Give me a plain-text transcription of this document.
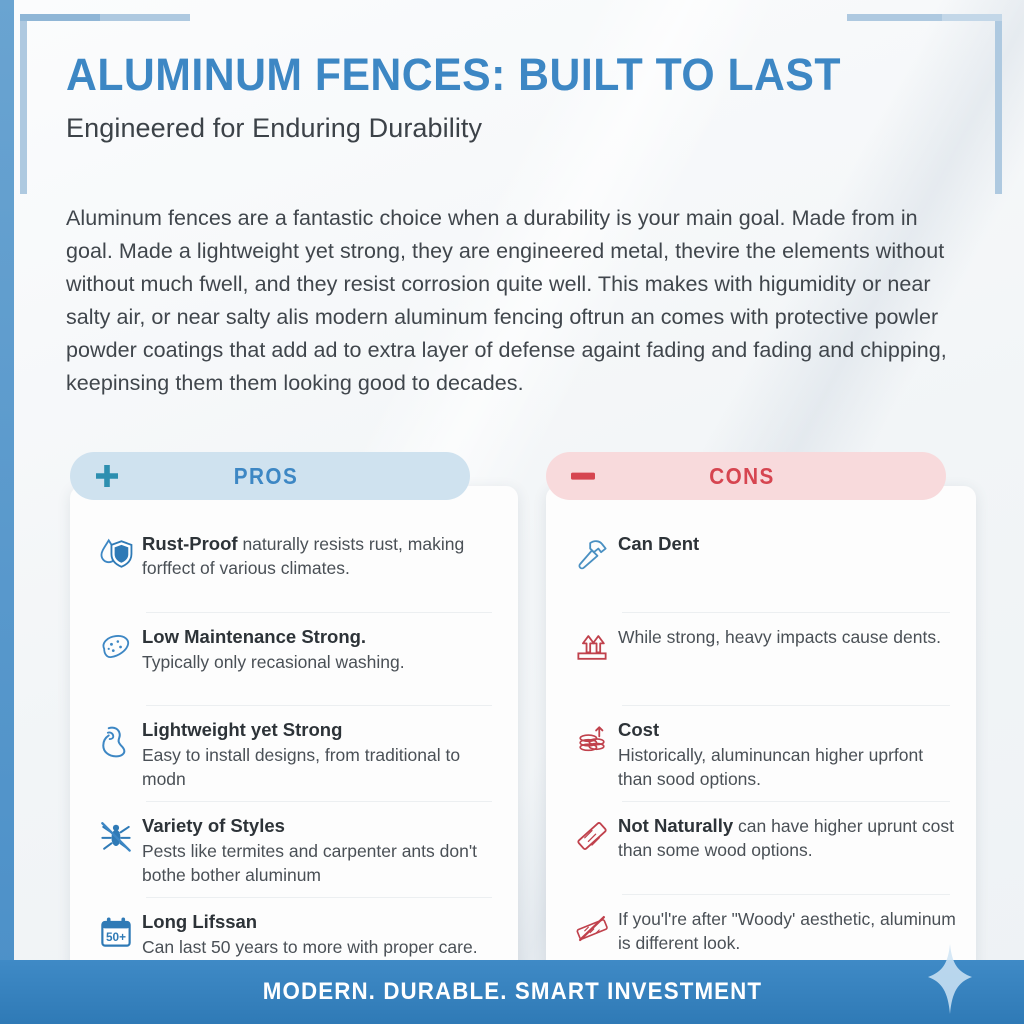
ALUMINUM FENCES: BUILT TO LAST
Engineered for Enduring Durability
Aluminum fences are a fantastic choice when a durability is your main goal. Made from in goal. Made a lightweight yet strong, they are engineered metal, thevire the elements without without much fwell, and they resist corrosion quite well. This makes with higumidity or near salty air, or near salty alis modern aluminum fencing oftrun an comes with protective powler powder coatings that add ad to extra layer of defense againt fading and fading and chipping, keepinsing them them looking good to decades.
PROS
Rust-Proof naturally resists rust, making forffect of various climates.
Low Maintenance Strong.
Typically only recasional washing.
Lightweight yet Strong
Easy to install designs, from traditional to modn
Variety of Styles
Pests like termites and carpenter ants don't bothe bother aluminum
50+
Long Lifssan
Can last 50 years to more with proper care.
CONS
Can Dent
While strong, heavy impacts cause dents.
Cost
Historically, aluminuncan higher uprfont than sood options.
Not Naturally can have higher uprunt cost than some wood options.
If you'l're after "Woody' aesthetic, aluminum is different look.
MODERN. DURABLE. SMART INVESTMENT
